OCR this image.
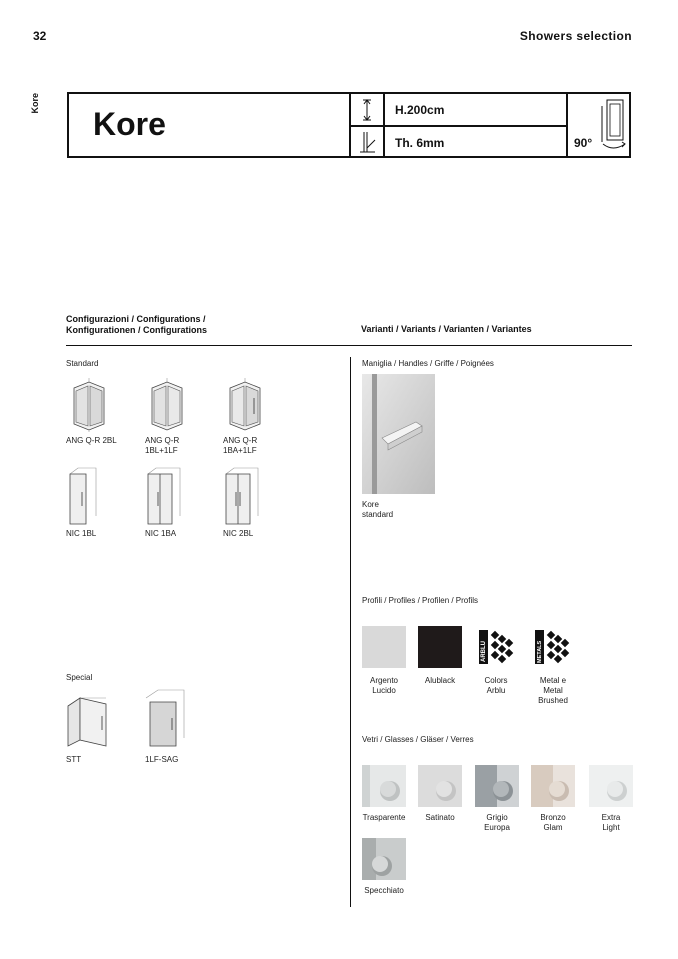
32	Showers selection
Kore
Kore	H.200cm
Th. 6mm	90°
Configurazioni / Configurations /
Konfigurationen / Configurations	Varianti / Variants / Varianten / Variantes
Standard
ANG Q-R 2BL	ANG Q-R
1BL+1LF
ANG Q-R
1BA+1LF
NIC 1BL	NIC 1BA	NIC 2BL
Special
STT	1LF-SAG
Maniglia / Handles / Griffe / Poignées
Kore
standard
Profili / Profiles / Profilen / Profils
ARBLU	METALS
Argento
Lucido
Alublack	Colors
Arblu
Metal e
Metal
Brushed
Vetri / Glasses / Gläser / Verres
Trasparente	Satinato	Grigio
Europa
Bronzo
Glam
Extra
Light
Specchiato
